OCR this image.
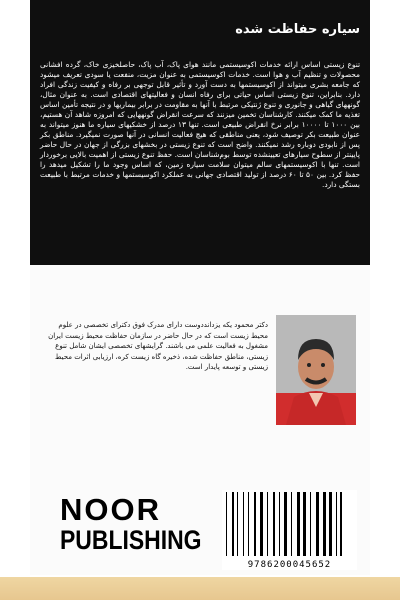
سیاره حفاظت شده
تنوع زیستی اساس ارائه خدمات اکوسیستمی مانند هوای پاک، آب پاک، حاصلخیزی خاک، گرده افشانی محصولات و تنظیم آب و هوا است. خدمات اکوسیستمی به عنوان مزیت، منفعت یا سودی تعریف میشود که جامعه بشری میتواند از اکوسیستمها به دست آورد و تأثیر قابل توجهی بر رفاه و کیفیت زندگی افراد دارد. بنابراین، تنوع زیستی اساس حیاتی برای رفاه انسان و فعالیتهای اقتصادی است. به عنوان مثال، گونههای گیاهی و جانوری و تنوع ژنتیکی مرتبط با آنها به مقاومت در برابر بیماریها و در نتیجه تأمین اساس تغذیه ما کمک میکنند. کارشناسان تخمین میزنند که سرعت انقراض گونههایی که امروزه شاهد آن هستیم، بین ۱۰۰۰ تا ۱۰۰۰۰ برابر نرخ انقراض طبیعی است. تنها ۱۳ درصد از خشکیهای سیاره ما هنوز میتواند به عنوان طبیعت بکر توصیف شود، یعنی مناطقی که هیچ فعالیت انسانی در آنها صورت نمیگیرد. مناطق بکر پس از نابودی دوباره رشد نمیکنند. واضح است که تنوع زیستی در بخشهای بزرگی از جهان در حال حاضر پایینتر از سطوح سیارهای تعیینشده توسط بوم‌شناسان است. حفظ تنوع زیستی از اهمیت بالایی برخوردار است. تنها با اکوسیستمهای سالم میتوان سلامت سیاره زمین، که اساس وجود ما را تشکیل میدهد را حفظ کرد. بین ۵۰ تا ۶۰ درصد از تولید اقتصادی جهانی به عملکرد اکوسیستمها و خدمات مرتبط با طبیعت بستگی دارد.
دکتر محمود یکه یزدانددوست دارای مدرک فوق دکترای تخصصی در علوم محیط زیست است که در حال حاضر در سازمان حفاظت محیط زیست ایران مشغول به فعالیت علمی می باشند. گرایشهای تخصصی ایشان شامل تنوع زیستی، مناطق حفاظت شده، ذخیره گاه زیست کره، ارزیابی اثرات محیط زیستی و توسعه پایدار است.
NOOR
PUBLISHING
9786200045652
